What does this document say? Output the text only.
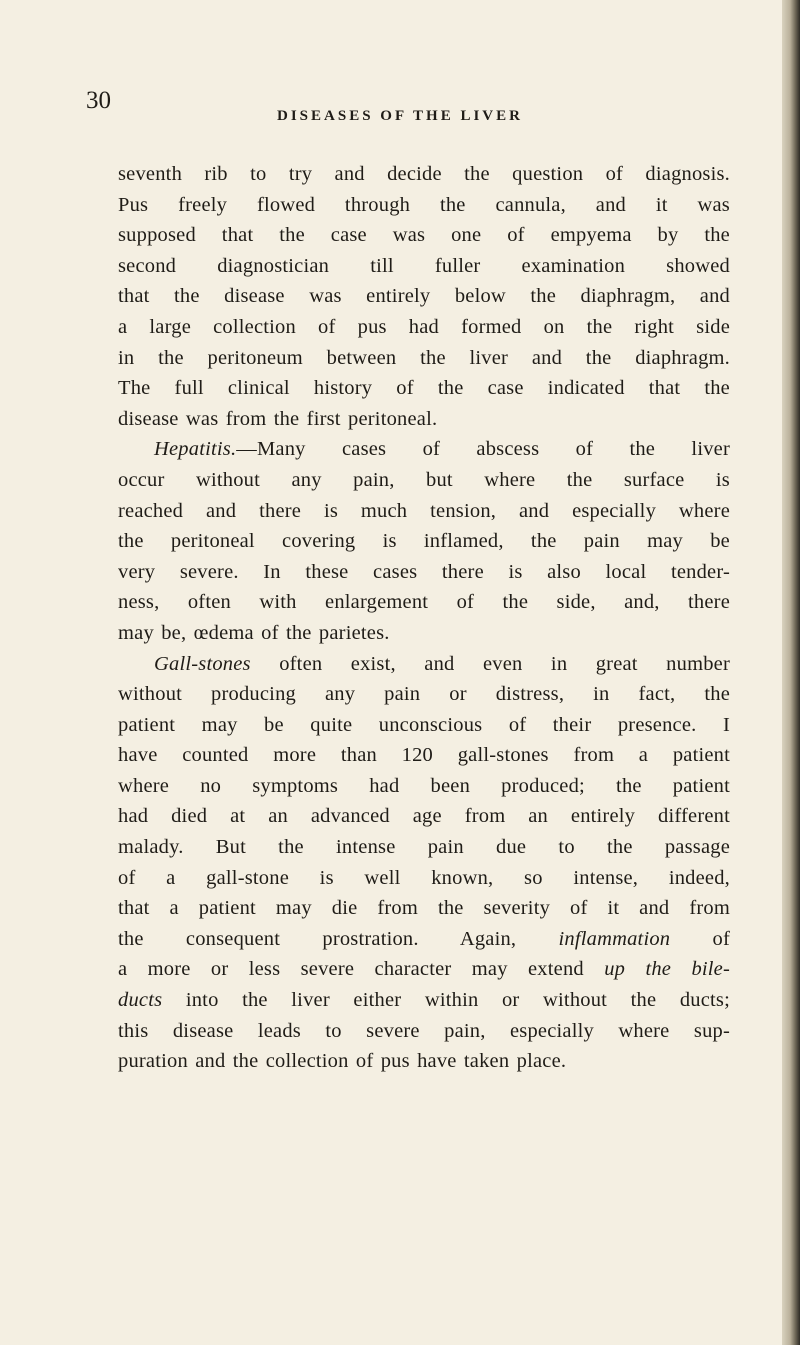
30
DISEASES OF THE LIVER
seventh rib to try and decide the question of diagnosis.
Pus freely flowed through the cannula, and it was
supposed that the case was one of empyema by the
second diagnostician till fuller examination showed
that the disease was entirely below the diaphragm, and
a large collection of pus had formed on the right side
in the peritoneum between the liver and the diaphragm.
The full clinical history of the case indicated that the
disease was from the first peritoneal.
Hepatitis.—Many cases of abscess of the liver
occur without any pain, but where the surface is
reached and there is much tension, and especially where
the peritoneal covering is inflamed, the pain may be
very severe. In these cases there is also local tender-
ness, often with enlargement of the side, and, there
may be, œdema of the parietes.
Gall-stones often exist, and even in great number
without producing any pain or distress, in fact, the
patient may be quite unconscious of their presence. I
have counted more than 120 gall-stones from a patient
where no symptoms had been produced; the patient
had died at an advanced age from an entirely different
malady. But the intense pain due to the passage
of a gall-stone is well known, so intense, indeed,
that a patient may die from the severity of it and from
the consequent prostration. Again, inflammation of
a more or less severe character may extend up the bile-
ducts into the liver either within or without the ducts;
this disease leads to severe pain, especially where sup-
puration and the collection of pus have taken place.
